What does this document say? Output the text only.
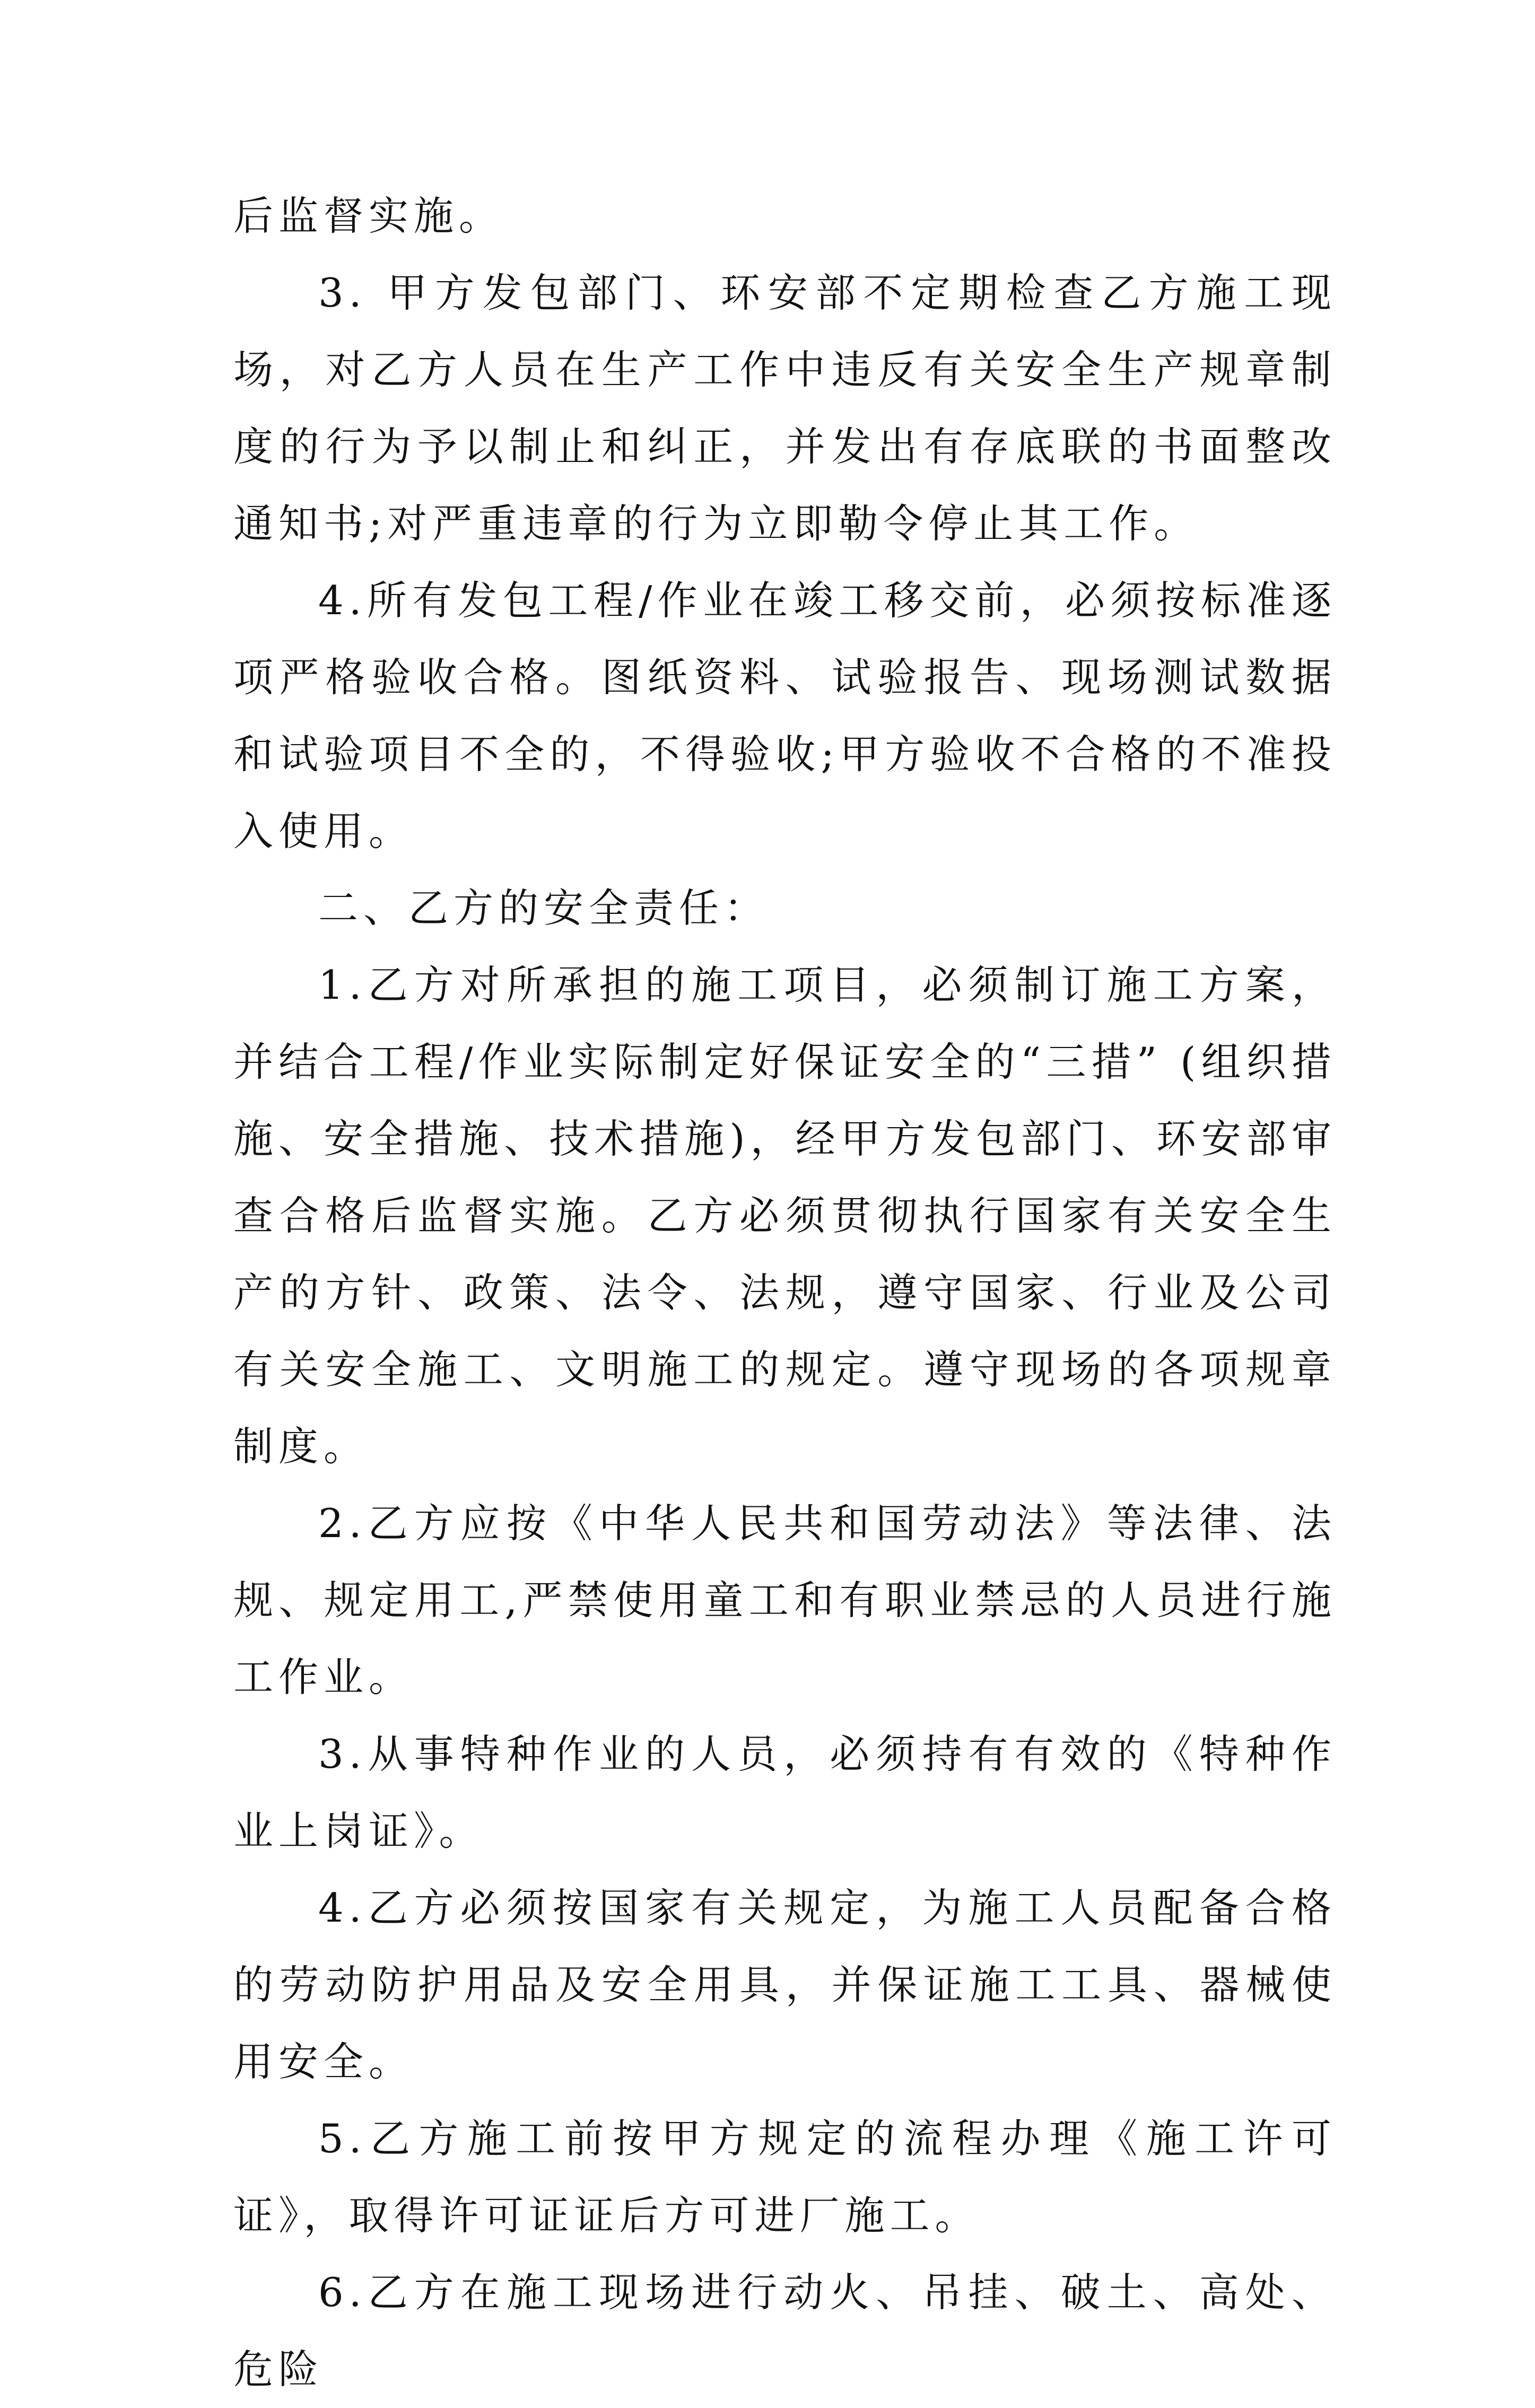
后监督实施。

3. 甲方发包部门、环安部不定期检查乙方施工现场，对乙方人员在生产工作中违反有关安全生产规章制度的行为予以制止和纠正，并发出有存底联的书面整改通知书;对严重违章的行为立即勒令停止其工作。

4.所有发包工程/作业在竣工移交前，必须按标准逐项严格验收合格。图纸资料、试验报告、现场测试数据和试验项目不全的，不得验收;甲方验收不合格的不准投入使用。

二、乙方的安全责任：

1.乙方对所承担的施工项目，必须制订施工方案，并结合工程/作业实际制定好保证安全的“三措” (组织措施、安全措施、技术措施)，经甲方发包部门、环安部审查合格后监督实施。乙方必须贯彻执行国家有关安全生产的方针、政策、法令、法规，遵守国家、行业及公司有关安全施工、文明施工的规定。遵守现场的各项规章制度。

2.乙方应按《中华人民共和国劳动法》等法律、法规、规定用工,严禁使用童工和有职业禁忌的人员进行施工作业。

3.从事特种作业的人员，必须持有有效的《特种作业上岗证》。

4.乙方必须按国家有关规定，为施工人员配备合格的劳动防护用品及安全用具，并保证施工工具、器械使用安全。

5.乙方施工前按甲方规定的流程办理《施工许可证》，取得许可证证后方可进厂施工。

6.乙方在施工现场进行动火、吊挂、破土、高处、危险
